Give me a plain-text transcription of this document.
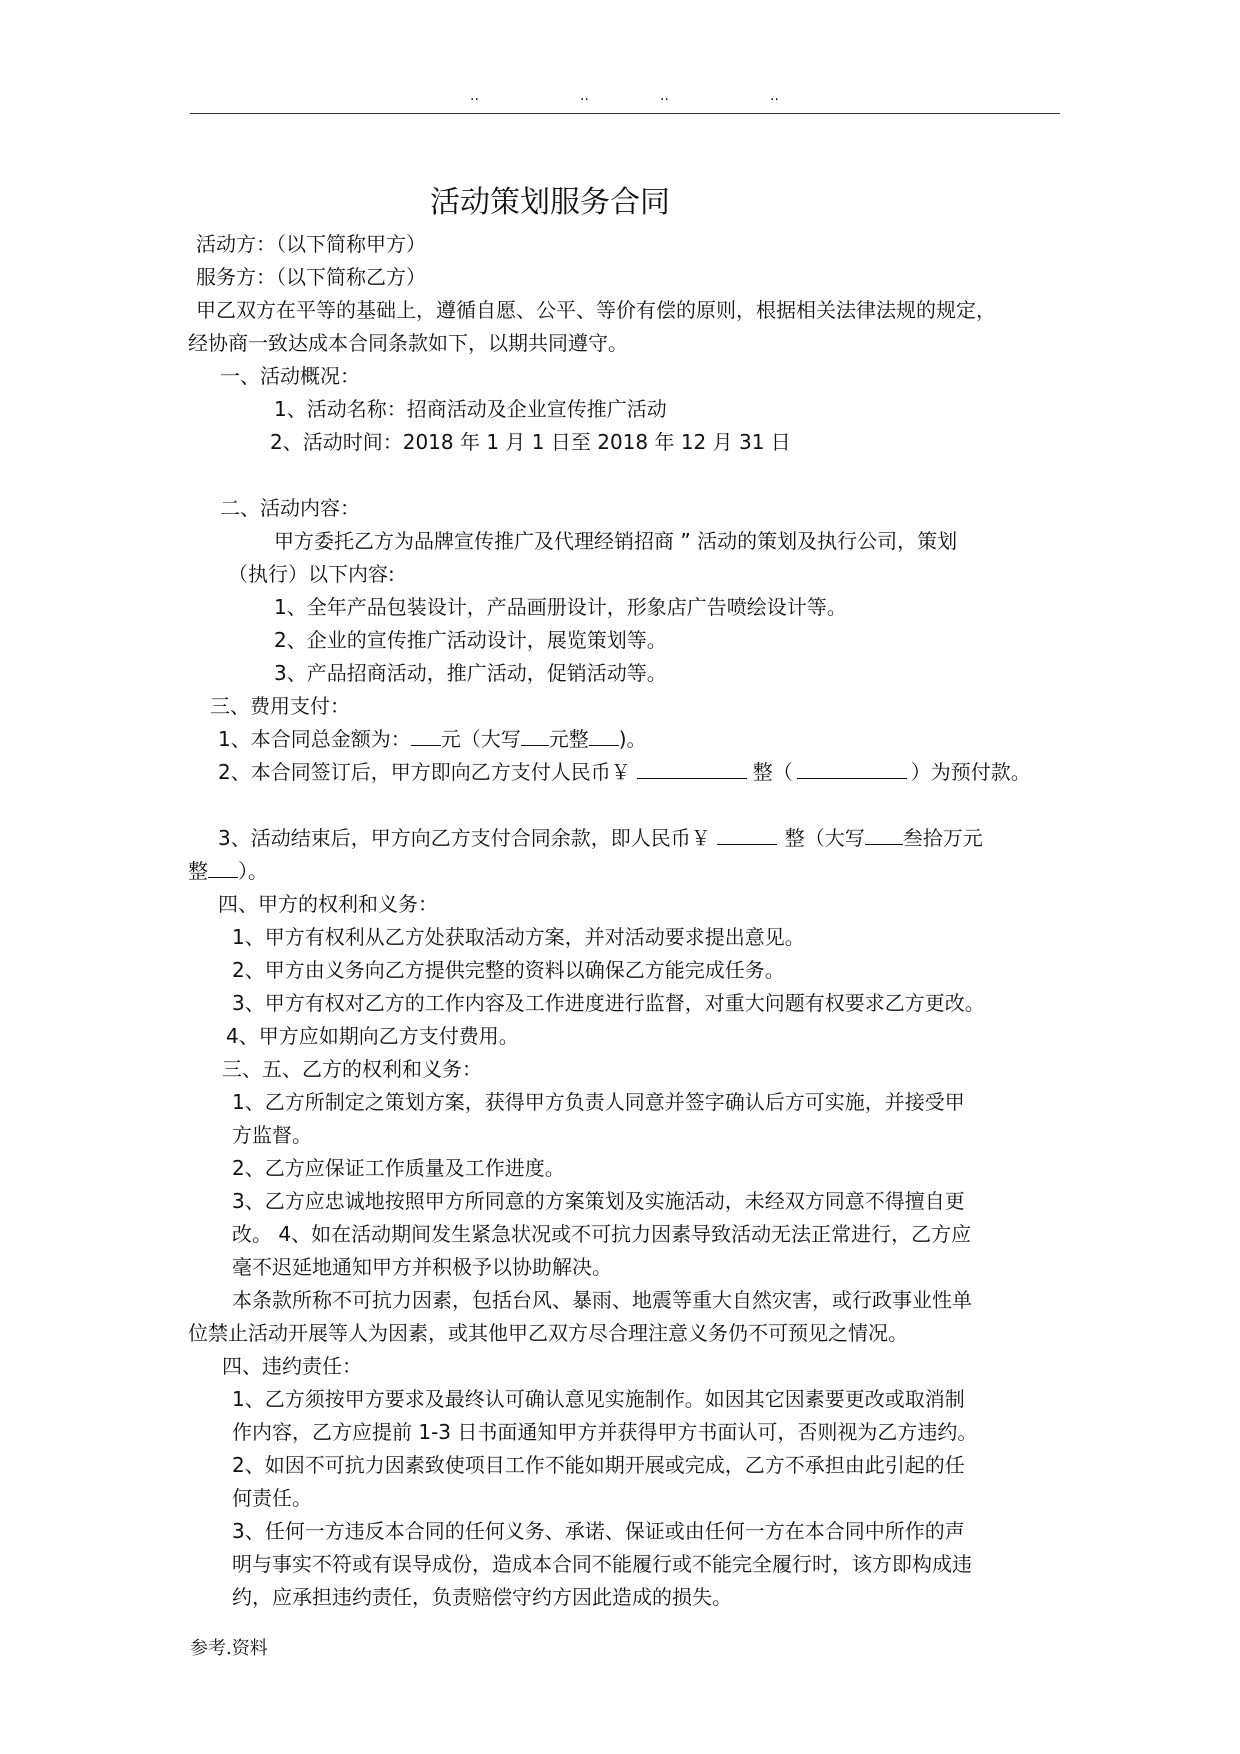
..	..	..	..
活动策划服务合同
活动方：（以下简称甲方）
服务方：（以下简称乙方）
甲乙双方在平等的基础上，遵循自愿、公平、等价有偿的原则，根据相关法律法规的规定，
经协商一致达成本合同条款如下，以期共同遵守。
一、活动概况：
1、活动名称：招商活动及企业宣传推广活动
2、活动时间：2018 年 1 月 1 日至 2018 年 12 月 31 日
二、活动内容：
甲方委托乙方为品牌宣传推广及代理经销招商 ” 活动的策划及执行公司，策划
（执行）以下内容:
1、全年产品包装设计，产品画册设计，形象店广告喷绘设计等。
2、企业的宣传推广活动设计，展览策划等。
3、产品招商活动，推广活动，促销活动等。
三、费用支付：
1、本合同总金额为： 元（大写 元整 )。
2、本合同签订后，甲方即向乙方支付人民币￥	整（	）为预付款。
3、活动结束后，甲方向乙方支付合同余款，即人民币￥	整（大写 叁拾万元
整 ）。
四、甲方的权利和义务：
1、甲方有权利从乙方处获取活动方案，并对活动要求提出意见。
2、甲方由义务向乙方提供完整的资料以确保乙方能完成任务。
3、甲方有权对乙方的工作内容及工作进度进行监督，对重大问题有权要求乙方更改。
4、甲方应如期向乙方支付费用。
三、五、乙方的权利和义务：
1、乙方所制定之策划方案，获得甲方负责人同意并签字确认后方可实施，并接受甲
方监督。
2、乙方应保证工作质量及工作进度。
3、乙方应忠诚地按照甲方所同意的方案策划及实施活动，未经双方同意不得擅自更
改。 4、如在活动期间发生紧急状况或不可抗力因素导致活动无法正常进行，乙方应
毫不迟延地通知甲方并积极予以协助解决。
本条款所称不可抗力因素，包括台风、暴雨、地震等重大自然灾害，或行政事业性单
位禁止活动开展等人为因素，或其他甲乙双方尽合理注意义务仍不可预见之情况。
四、违约责任：
1、乙方须按甲方要求及最终认可确认意见实施制作。如因其它因素要更改或取消制
作内容，乙方应提前 1-3 日书面通知甲方并获得甲方书面认可，否则视为乙方违约。
2、如因不可抗力因素致使项目工作不能如期开展或完成，乙方不承担由此引起的任
何责任。
3、任何一方违反本合同的任何义务、承诺、保证或由任何一方在本合同中所作的声
明与事实不符或有误导成份，造成本合同不能履行或不能完全履行时，该方即构成违
约，应承担违约责任，负责赔偿守约方因此造成的损失。
参考.资料
